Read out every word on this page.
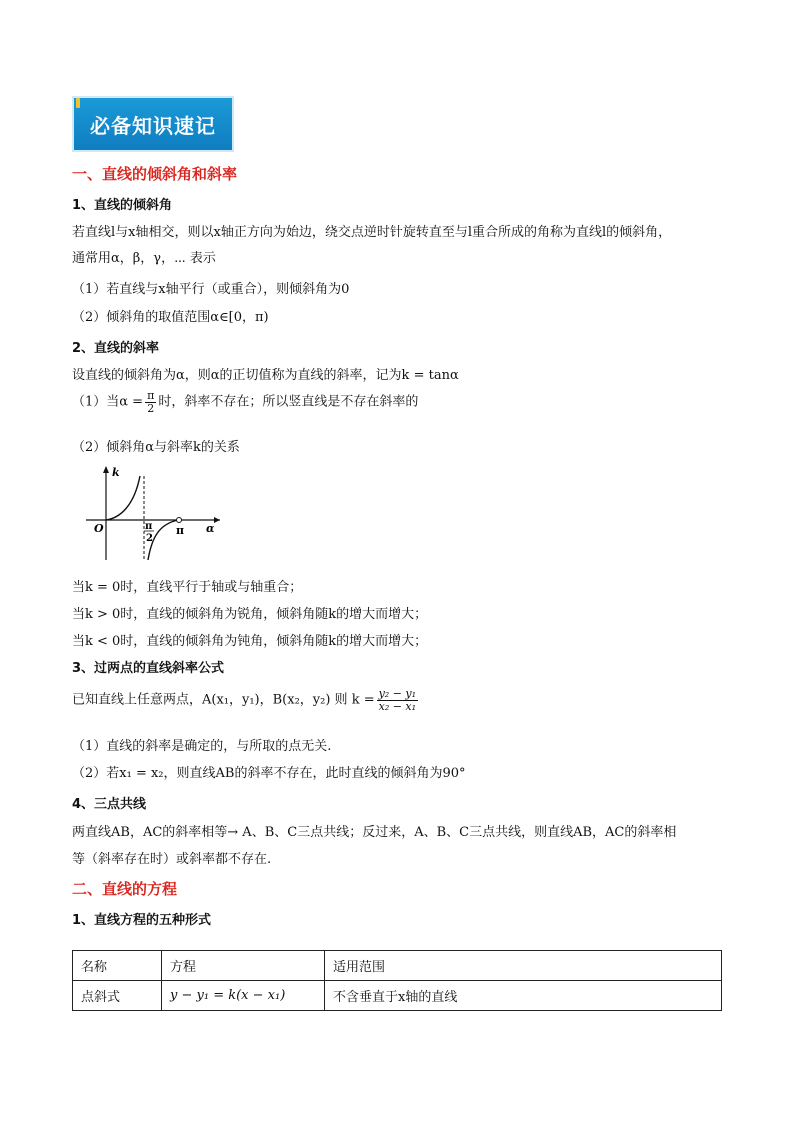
必备知识速记
一、直线的倾斜角和斜率
1、直线的倾斜角
若直线l与x轴相交，则以x轴正方向为始边，绕交点逆时针旋转直至与l重合所成的角称为直线l的倾斜角，
通常用α，β，γ，⋯ 表示
（1）若直线与x轴平行（或重合），则倾斜角为0
（2）倾斜角的取值范围α∈[0，π)
2、直线的斜率
设直线的倾斜角为α，则α的正切值称为直线的斜率，记为k = tanα
（1）当$\alpha = \frac{\pi}{2}$ 时，斜率不存在；所以竖直线是不存在斜率的
（2）倾斜角α与斜率k的关系
k
O	π
2
π α
当k = 0时，直线平行于轴或与轴重合；
当k > 0时，直线的倾斜角为锐角，倾斜角随k的增大而增大；
当k < 0时，直线的倾斜角为钝角，倾斜角随k的增大而增大；
3、过两点的直线斜率公式
已知直线上任意两点，A(x₁，y₁)，B(x₂，y₂) 则 $k = \frac{\text{y₂ − y₁}}{\text{x₂ − x₁}}$
（1）直线的斜率是确定的，与所取的点无关.
（2）若x₁ = x₂，则直线AB的斜率不存在，此时直线的倾斜角为90°
4、三点共线
两直线AB，AC的斜率相等→ A、B、C三点共线；反过来，A、B、C三点共线，则直线AB，AC的斜率相
等（斜率存在时）或斜率都不存在.
二、直线的方程
1、直线方程的五种形式
名称	方程	适用范围
点斜式	y − y₁ = k(x − x₁)	不含垂直于x轴的直线
